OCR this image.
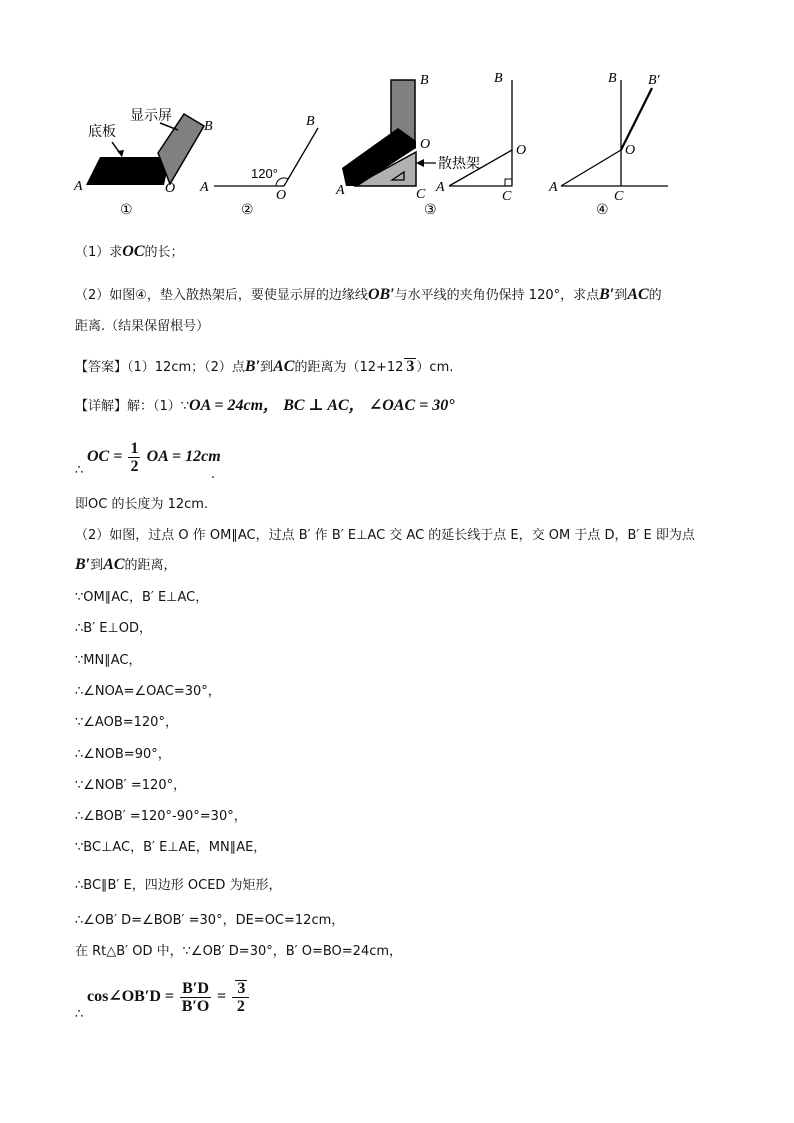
底板
显示屏
A	O
B
①
A
O
B
120°
②
B
O
A	C
散热架
③
B
O
A
C
B B′
O
A
C
④
（1）求OC的长；
（2）如图④，垫入散热架后，要使显示屏的边缘线OB′与水平线的夹角仍保持 120°，求点B′到AC的
距离.（结果保留根号）
【答案】（1）12cm；（2）点B′到AC的距离为（12+12 3 ）cm.
【详解】解：（1）∵OA = 24cm， BC ⊥ AC， ∠OAC = 30°
∴
OC = $\frac{1}{2}$ OA = 12cm
.
即OC 的长度为 12cm.
（2）如图，过点 O 作 OM∥AC，过点 B′ 作 B′ E⊥AC 交 AC 的延长线于点 E，交 OM 于点 D，B′ E 即为点
B′到AC的距离，
∵OM∥AC，B′ E⊥AC，
∴B′ E⊥OD，
∵MN∥AC，
∴∠NOA=∠OAC=30°，
∵∠AOB=120°，
∴∠NOB=90°，
∵∠NOB′ =120°，
∴∠BOB′ =120°-90°=30°，
∵BC⊥AC，B′ E⊥AE，MN∥AE，
∴BC∥B′ E，四边形 OCED 为矩形，
∴∠OB′ D=∠BOB′ =30°，DE=OC=12cm，
在 Rt△B′ OD 中，∵∠OB′ D=30°，B′ O=BO=24cm，
∴
cos∠OB′D = $\frac{B'D}{B'O} = \frac{3}{2}$
